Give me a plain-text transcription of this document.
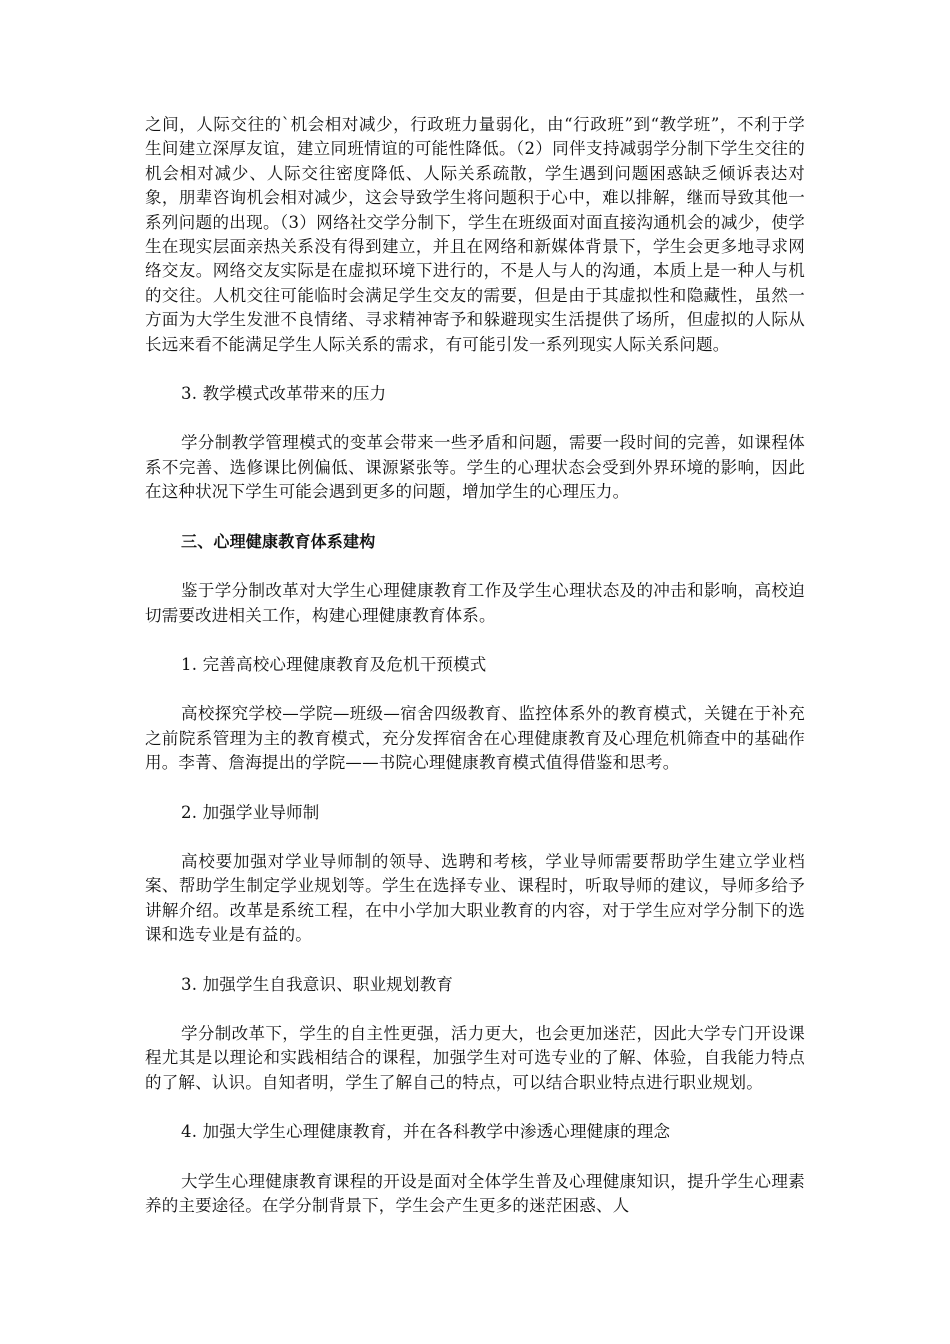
之间，人际交往的`机会相对减少，行政班力量弱化，由“行政班”到“教学班”，不利于学生间建立深厚友谊，建立同班情谊的可能性降低。（2）同伴支持减弱学分制下学生交往的机会相对减少、人际交往密度降低、人际关系疏散，学生遇到问题困惑缺乏倾诉表达对象，朋辈咨询机会相对减少，这会导致学生将问题积于心中，难以排解，继而导致其他一系列问题的出现。（3）网络社交学分制下，学生在班级面对面直接沟通机会的减少，使学生在现实层面亲热关系没有得到建立，并且在网络和新媒体背景下，学生会更多地寻求网络交友。网络交友实际是在虚拟环境下进行的，不是人与人的沟通，本质上是一种人与机的交往。人机交往可能临时会满足学生交友的需要，但是由于其虚拟性和隐藏性，虽然一方面为大学生发泄不良情绪、寻求精神寄予和躲避现实生活提供了场所，但虚拟的人际从长远来看不能满足学生人际关系的需求，有可能引发一系列现实人际关系问题。

3. 教学模式改革带来的压力

学分制教学管理模式的变革会带来一些矛盾和问题，需要一段时间的完善，如课程体系不完善、选修课比例偏低、课源紧张等。学生的心理状态会受到外界环境的影响，因此在这种状况下学生可能会遇到更多的问题，增加学生的心理压力。

三、心理健康教育体系建构

鉴于学分制改革对大学生心理健康教育工作及学生心理状态及的冲击和影响，高校迫切需要改进相关工作，构建心理健康教育体系。

1. 完善高校心理健康教育及危机干预模式

高校探究学校—学院—班级—宿舍四级教育、监控体系外的教育模式，关键在于补充之前院系管理为主的教育模式，充分发挥宿舍在心理健康教育及心理危机筛查中的基础作用。李菁、詹海提出的学院——书院心理健康教育模式值得借鉴和思考。

2. 加强学业导师制

高校要加强对学业导师制的领导、选聘和考核，学业导师需要帮助学生建立学业档案、帮助学生制定学业规划等。学生在选择专业、课程时，听取导师的建议，导师多给予讲解介绍。改革是系统工程，在中小学加大职业教育的内容，对于学生应对学分制下的选课和选专业是有益的。

3. 加强学生自我意识、职业规划教育

学分制改革下，学生的自主性更强，活力更大，也会更加迷茫，因此大学专门开设课程尤其是以理论和实践相结合的课程，加强学生对可选专业的了解、体验，自我能力特点的了解、认识。自知者明，学生了解自己的特点，可以结合职业特点进行职业规划。

4. 加强大学生心理健康教育，并在各科教学中渗透心理健康的理念

大学生心理健康教育课程的开设是面对全体学生普及心理健康知识，提升学生心理素养的主要途径。在学分制背景下，学生会产生更多的迷茫困惑、人
